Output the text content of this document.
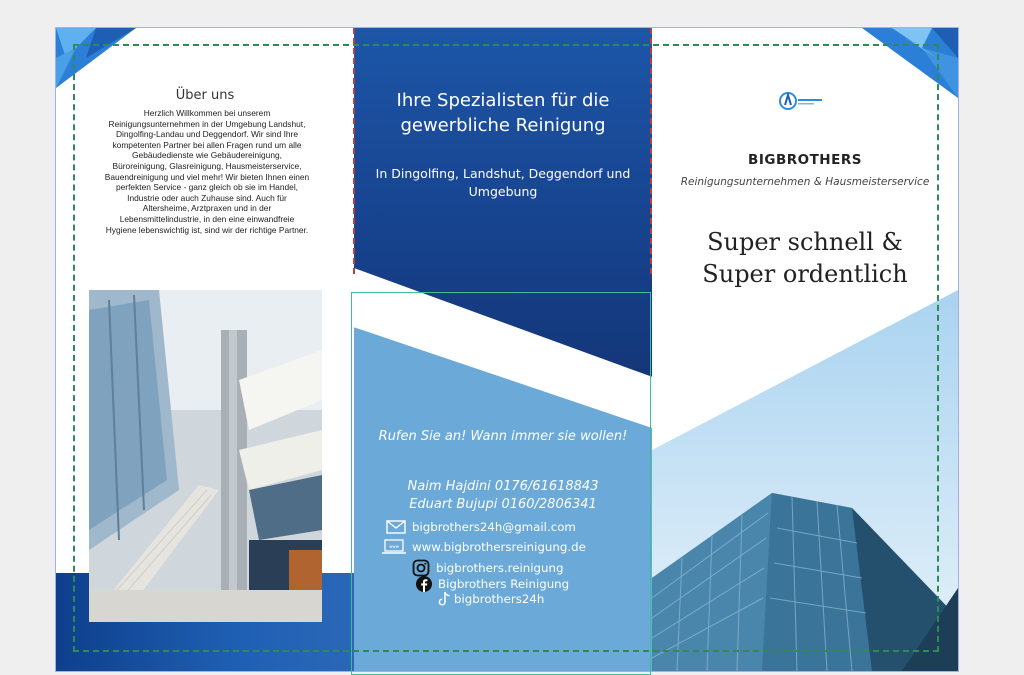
Über uns

Herzlich Willkommen bei unserem Reinigungsunternehmen in der Umgebung Landshut, Dingolfing-Landau und Deggendorf. Wir sind Ihre kompetenten Partner bei allen Fragen rund um alle Gebäudedienste wie Gebäudereinigung, Büroreinigung, Glasreinigung, Hausmeisterservice, Bauendreinigung und viel mehr! Wir bieten Ihnen einen perfekten Service - ganz gleich ob sie im Handel, Industrie oder auch Zuhause sind. Auch für Altersheime, Arztpraxen und in der Lebensmittelindustrie, in den eine einwandfreie Hygiene lebenswichtig ist, sind wir der richtige Partner.

Ihre Spezialisten für die gewerbliche Reinigung

In Dingolfing, Landshut, Deggendorf und Umgebung

Rufen Sie an! Wann immer sie wollen!
Naim Hajdini 0176/61618843
Eduart Bujupi 0160/2806341
bigbrothers24h@gmail.com
www www.bigbrothersreinigung.de
bigbrothers.reinigung
Bigbrothers Reinigung
bigbrothers24h
BIGBROTHERS
Reinigungsunternehmen & Hausmeisterservice
Super schnell &
Super ordentlich
